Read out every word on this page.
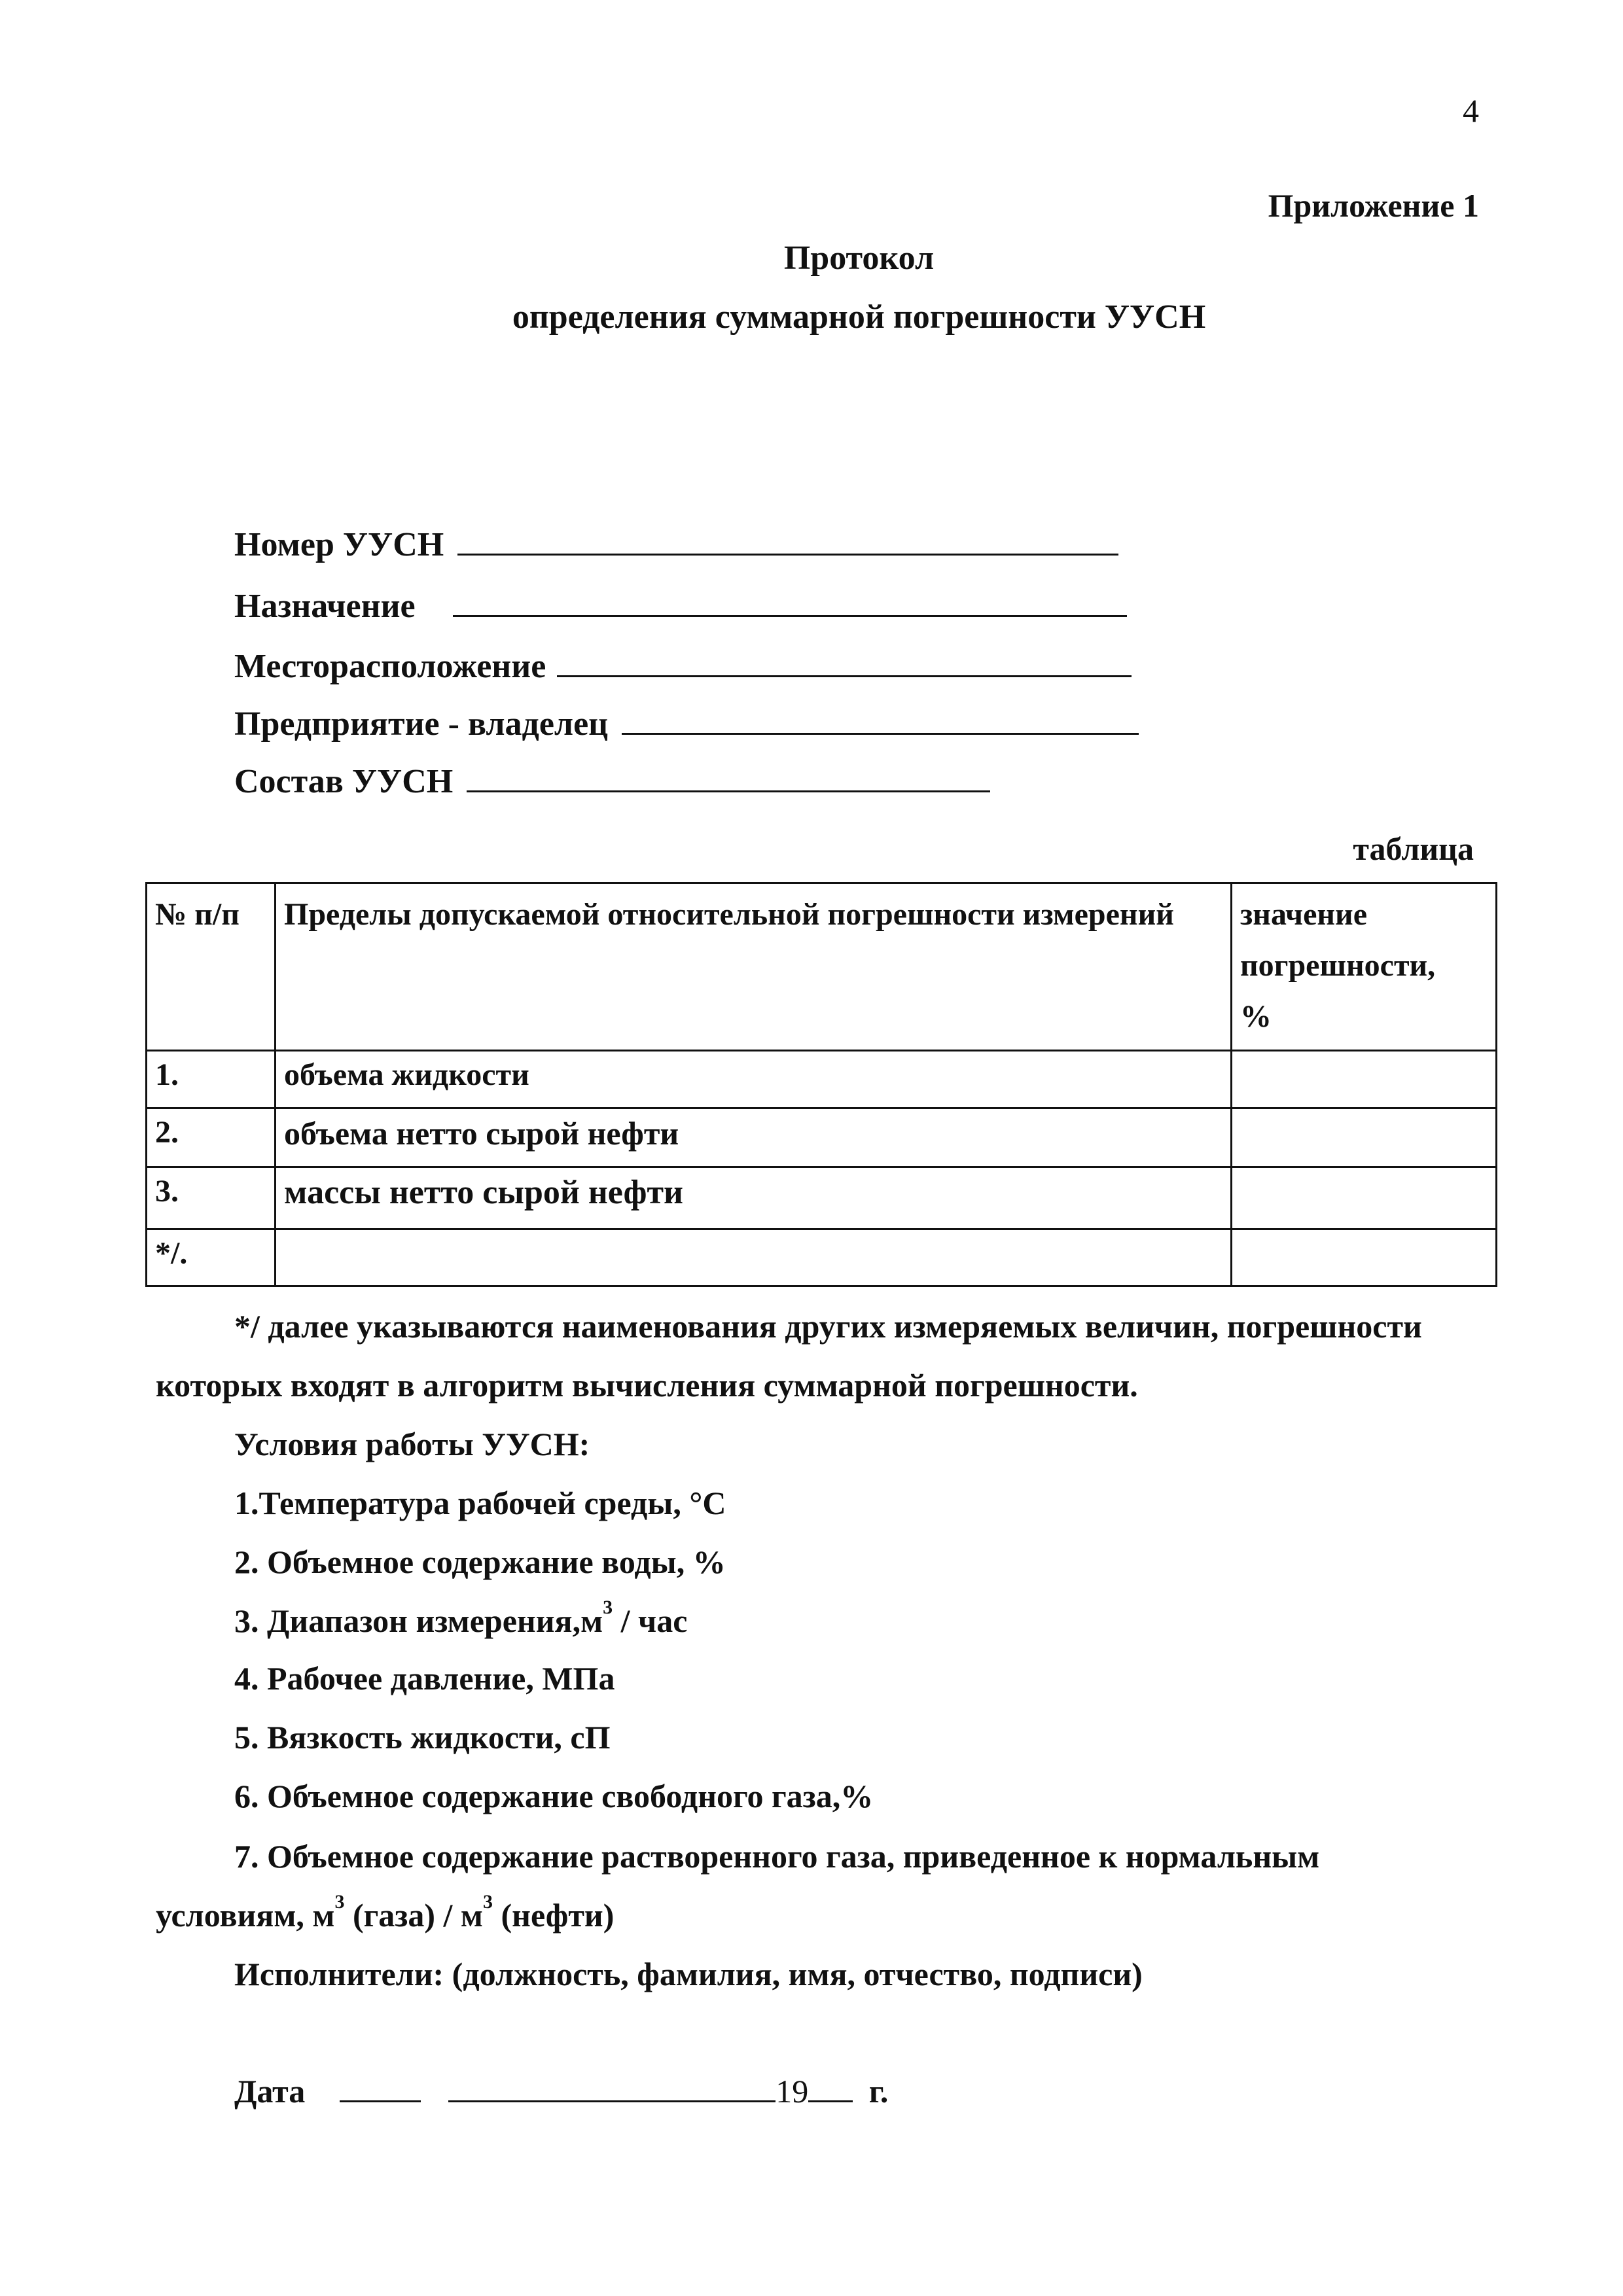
4
Приложение 1
Протокол
определения суммарной погрешности УУСН
Номер УУСН
Назначение
Месторасположение
Предприятие - владелец
Состав УУСН
таблица
№ п/п	Пределы допускаемой относительной погрешности измерений	значение
погрешности,
%

1.	объема жидкости	
2.	объема нетто сырой нефти	
3.	массы нетто сырой нефти	
*/.		
*/ далее указываются наименования других измеряемых величин, погрешности
которых входят в алгоритм вычисления суммарной погрешности.
Условия работы УУСН:
1.Температура рабочей среды, °С
2. Объемное содержание воды, %
3. Диапазон $измерения,м^3$ / час
4. Рабочее давление, МПа
5. Вязкость жидкости, сП
6. Объемное содержание свободного газа,%
7. Объемное содержание растворенного газа, приведенное к нормальным
условиям, $м^3$ (газа) / $м^3$ (нефти)
Исполнители: (должность, фамилия, имя, отчество, подписи)
Дата	19 г.
